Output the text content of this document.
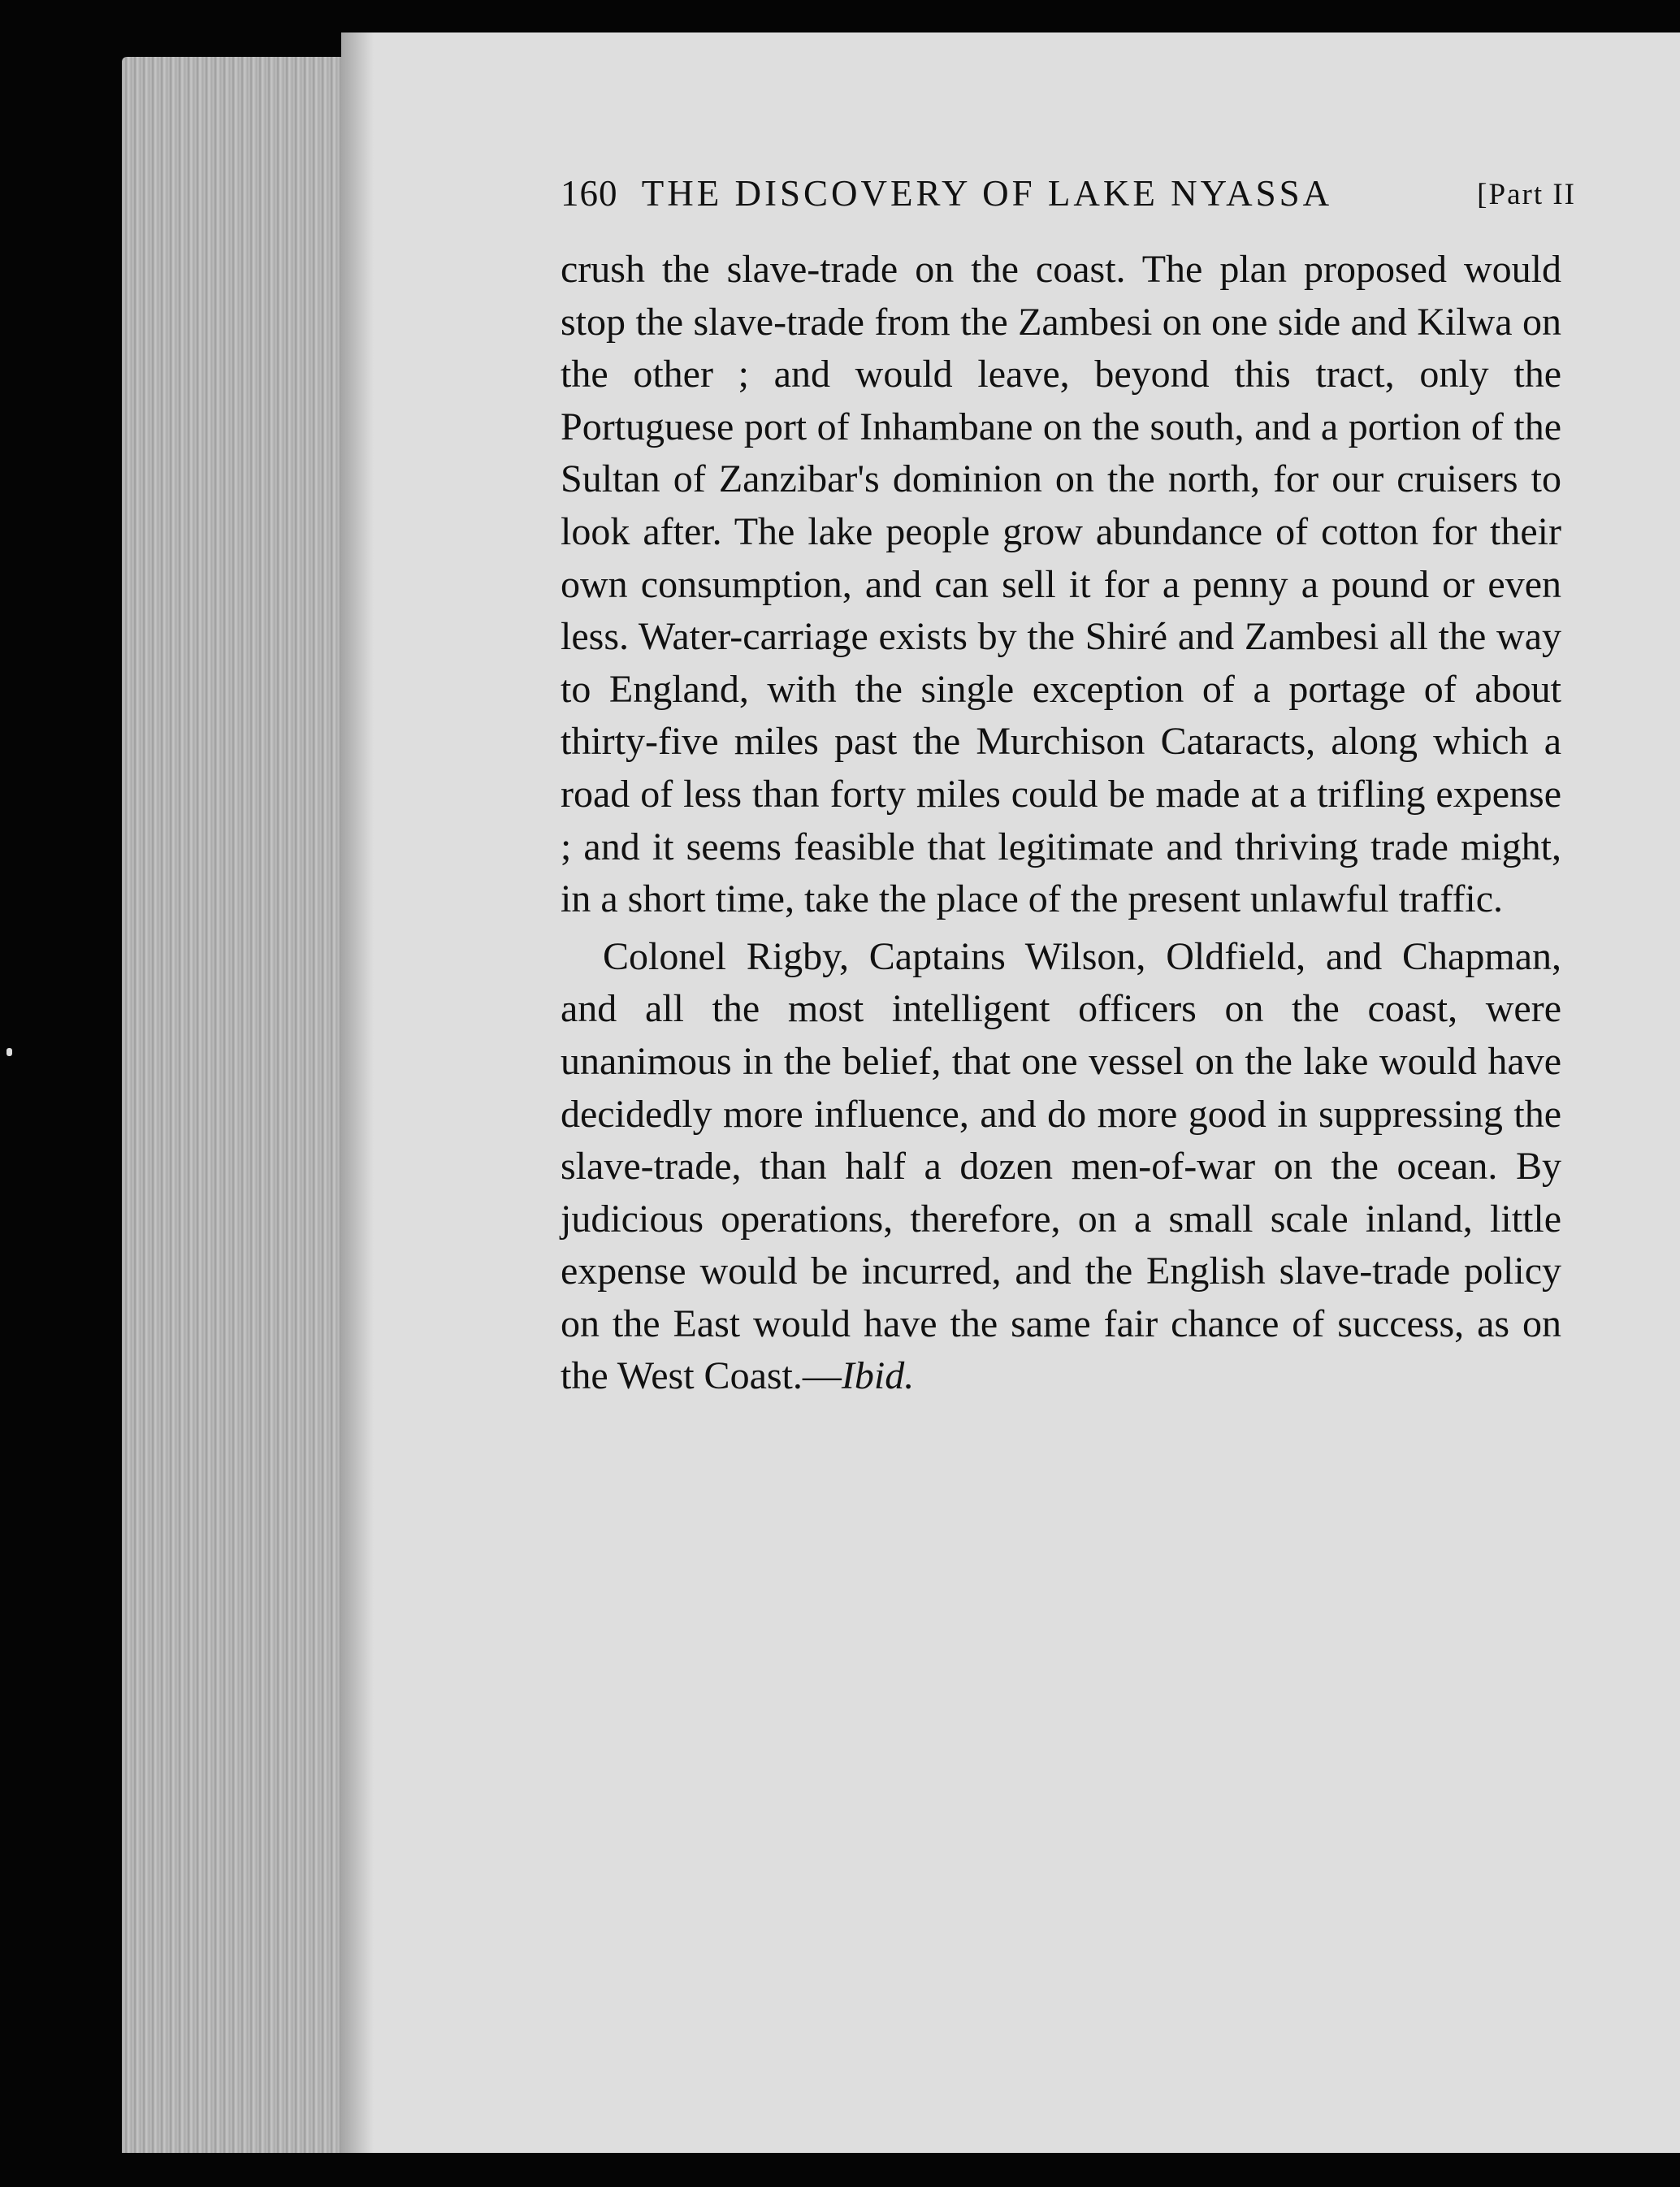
160 THE DISCOVERY OF LAKE NYASSA	[Part II

crush the slave-trade on the coast. The plan proposed would stop the slave-trade from the Zambesi on one side and Kilwa on the other ; and would leave, beyond this tract, only the Portuguese port of Inhambane on the south, and a portion of the Sultan of Zanzibar's dominion on the north, for our cruisers to look after. The lake people grow abundance of cotton for their own consumption, and can sell it for a penny a pound or even less. Water-carriage exists by the Shiré and Zambesi all the way to England, with the single exception of a portage of about thirty-five miles past the Murchison Cataracts, along which a road of less than forty miles could be made at a trifling expense ; and it seems feasible that legitimate and thriving trade might, in a short time, take the place of the present unlawful traffic.

Colonel Rigby, Captains Wilson, Oldfield, and Chapman, and all the most intelligent officers on the coast, were unanimous in the belief, that one vessel on the lake would have decidedly more influence, and do more good in suppressing the slave-trade, than half a dozen men-of-war on the ocean. By judicious operations, therefore, on a small scale inland, little expense would be incurred, and the English slave-trade policy on the East would have the same fair chance of success, as on the West Coast.—Ibid.
